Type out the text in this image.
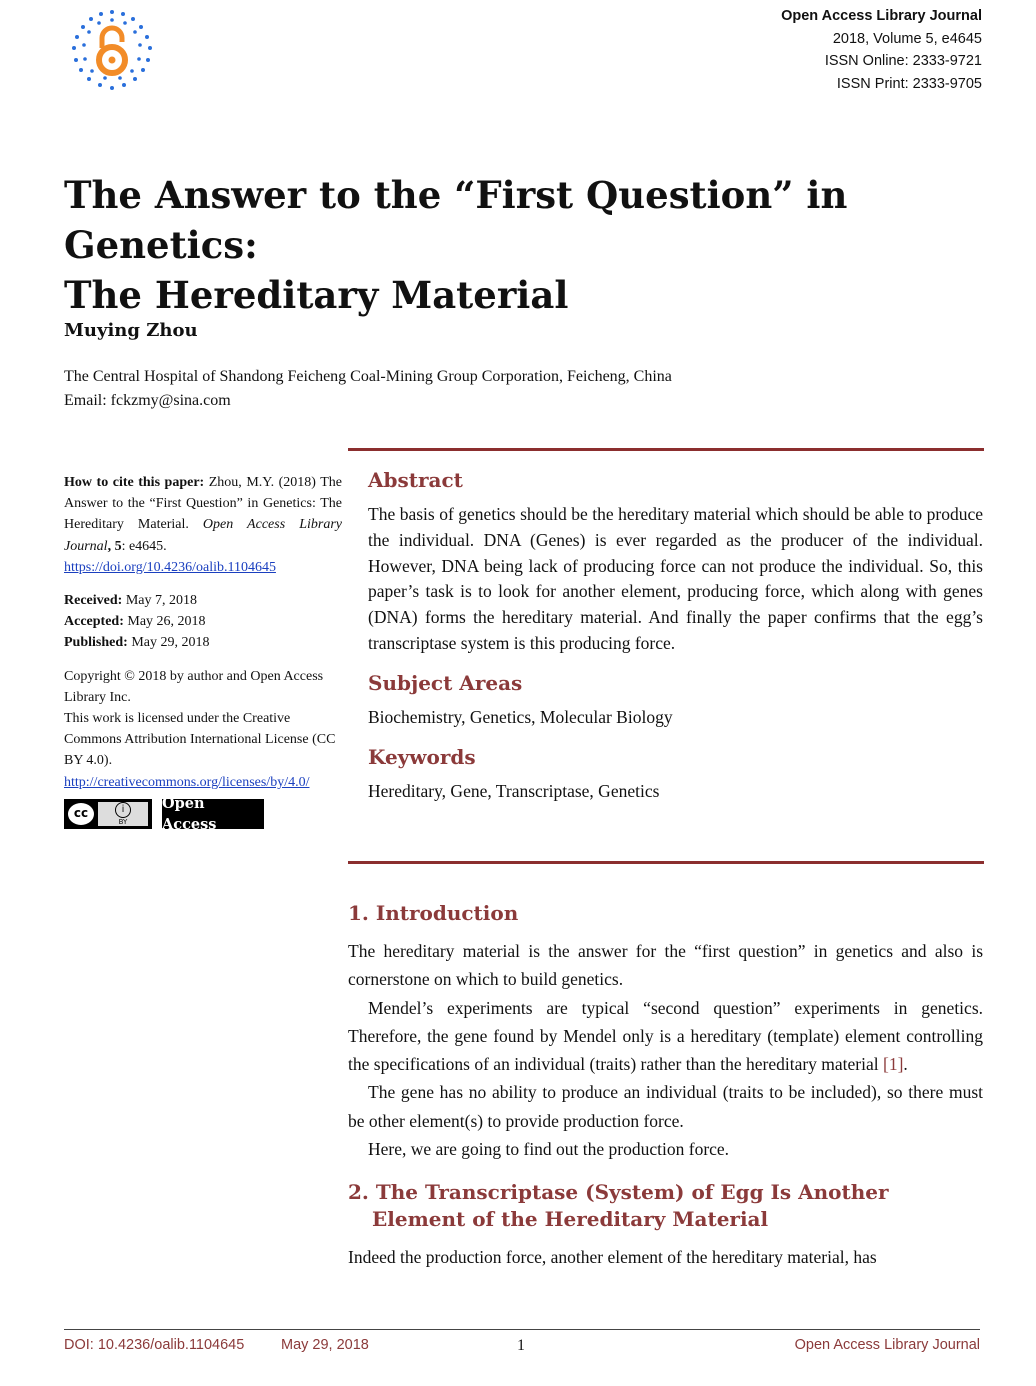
Open Access Library Journal
2018, Volume 5, e4645
ISSN Online: 2333-9721
ISSN Print: 2333-9705
The Answer to the “First Question” in Genetics:
The Hereditary Material

Muying Zhou

The Central Hospital of Shandong Feicheng Coal-Mining Group Corporation, Feicheng, China
Email: fckzmy@sina.com

How to cite this paper: Zhou, M.Y. (2018) The Answer to the “First Question” in Genetics: The Hereditary Material. Open Access Library Journal, 5: e4645.
https://doi.org/10.4236/oalib.1104645

Received: May 7, 2018
Accepted: May 26, 2018
Published: May 29, 2018

Copyright © 2018 by author and Open Access Library Inc.
This work is licensed under the Creative Commons Attribution International License (CC BY 4.0).
http://creativecommons.org/licenses/by/4.0/

cc	i
BY
Open Access
Abstract
The basis of genetics should be the hereditary material which should be able to produce the individual. DNA (Genes) is ever regarded as the producer of the individual. However, DNA being lack of producing force can not produce the individual. So, this paper’s task is to look for another element, producing force, which along with genes (DNA) forms the hereditary material. And finally the paper confirms that the egg’s transcriptase system is this producing force.
Subject Areas
Biochemistry, Genetics, Molecular Biology
Keywords
Hereditary, Gene, Transcriptase, Genetics
1. Introduction

The hereditary material is the answer for the “first question” in genetics and also is cornerstone on which to build genetics.

Mendel’s experiments are typical “second question” experiments in genetics. Therefore, the gene found by Mendel only is a hereditary (template) element controlling the specifications of an individual (traits) rather than the hereditary material [1].

The gene has no ability to produce an individual (traits to be included), so there must be other element(s) to provide production force.

Here, we are going to find out the production force.

2. The Transcriptase (System) of Egg Is Another Element of the Hereditary Material

Indeed the production force, another element of the hereditary material, has

DOI: 10.4236/oalib.1104645	May 29, 2018	1	Open Access Library Journal
